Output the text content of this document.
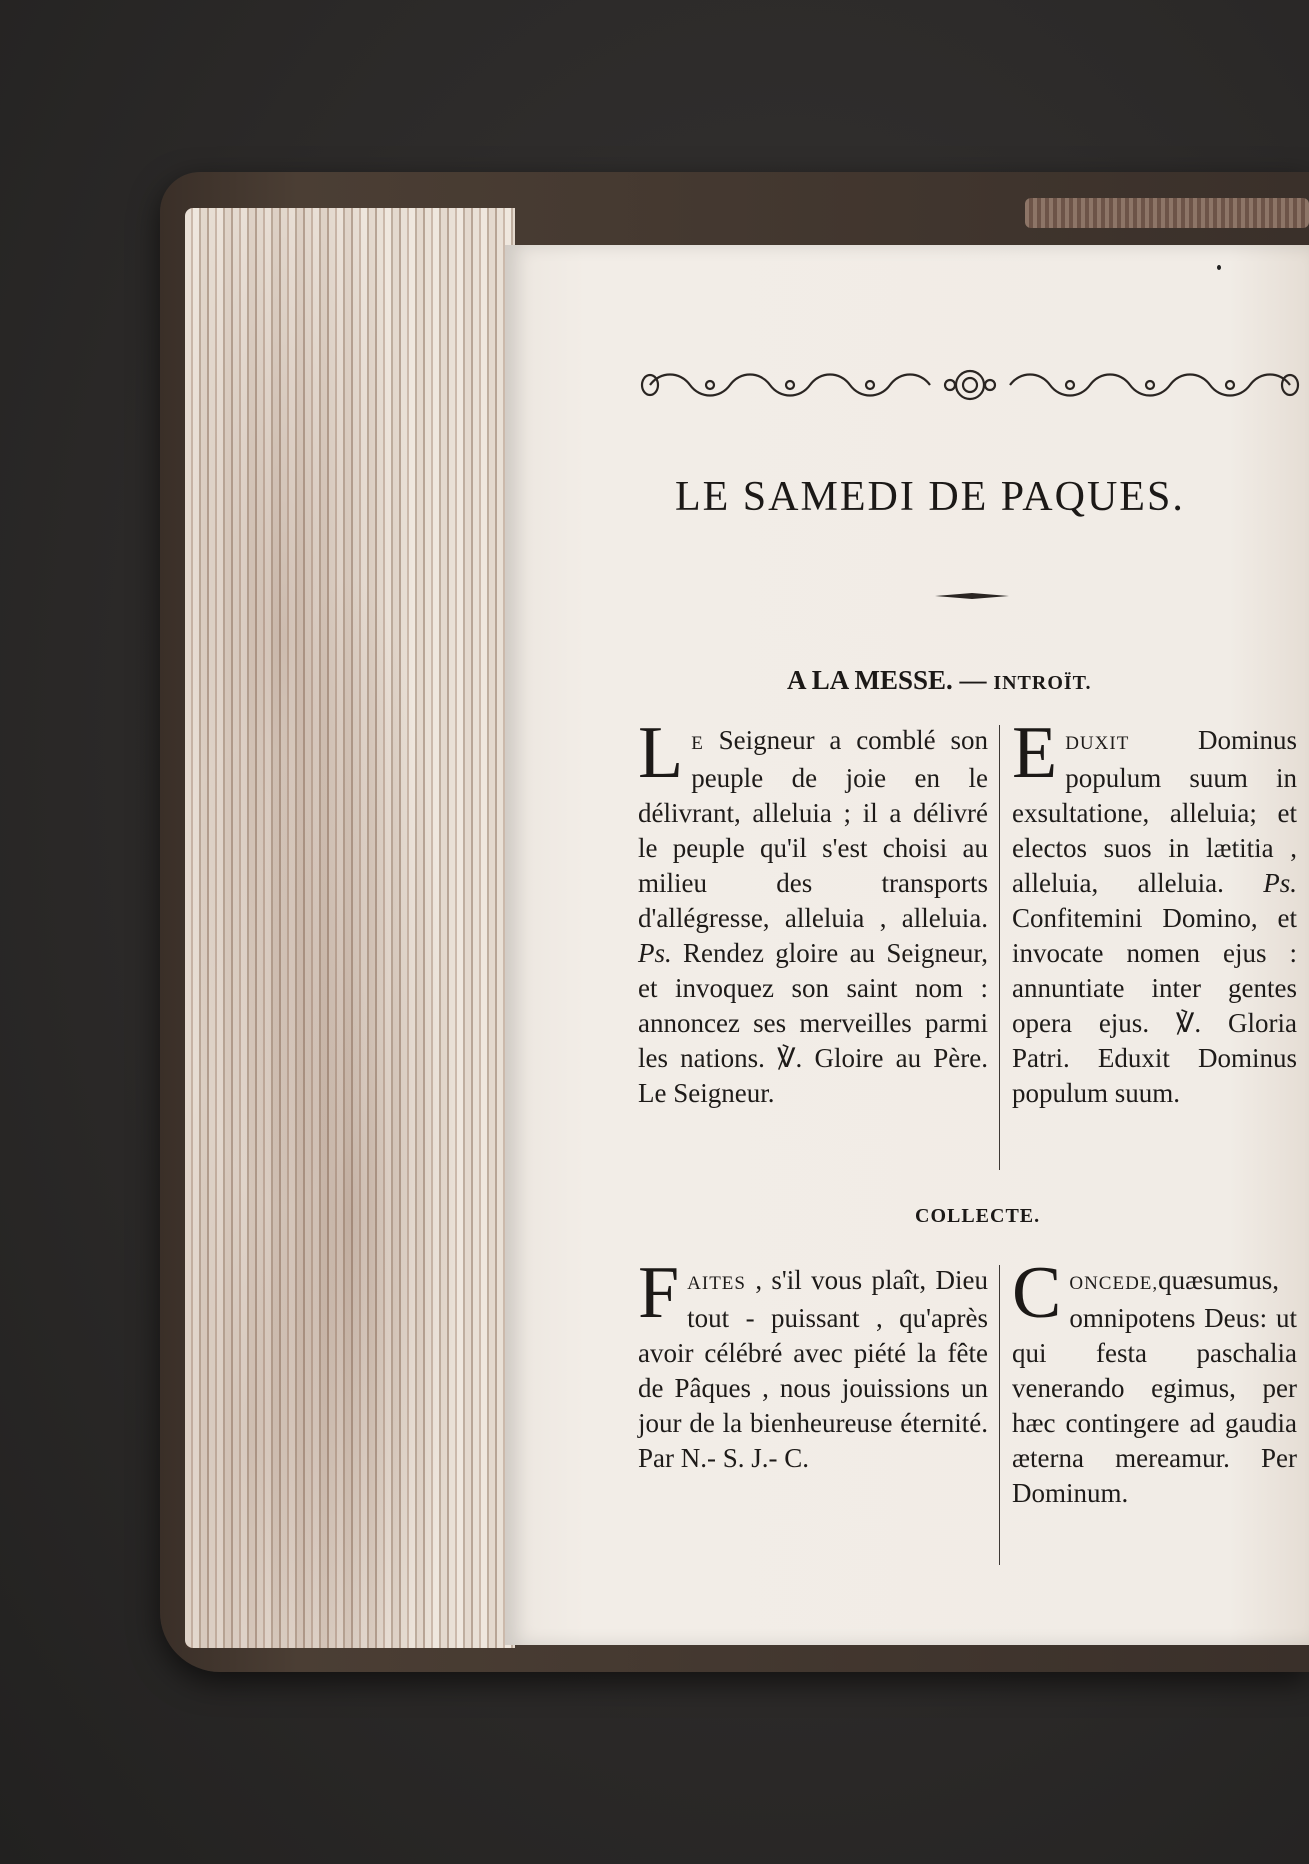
LE SAMEDI DE PAQUES.
A LA MESSE. — INTROÏT.

L E Seigneur a comblé son peuple de joie en le délivrant, alleluia ; il a délivré le peuple qu'il s'est choisi au milieu des transports d'allégresse, alleluia , alleluia. Ps. Rendez gloire au Seigneur, et invoquez son saint nom : annoncez ses merveilles parmi les nations. ℣. Gloire au Père. Le Seigneur.

EDUXIT Dominus populum suum in exsultatione, alleluia; et electos suos in lætitia , alleluia, alleluia. Ps. Confitemini Domino, et invocate nomen ejus : annuntiate inter gentes opera ejus. ℣. Gloria Patri. Eduxit Dominus populum suum.

COLLECTE.

FAITES , s'il vous plaît, Dieu tout - puissant , qu'après avoir célébré avec piété la fête de Pâques , nous jouissions un jour de la bienheureuse éternité. Par N.- S. J.- C.

CONCEDE,quæsumus, omnipotens Deus: ut qui festa paschalia venerando egimus, per hæc contingere ad gaudia æterna mereamur. Per Dominum.
